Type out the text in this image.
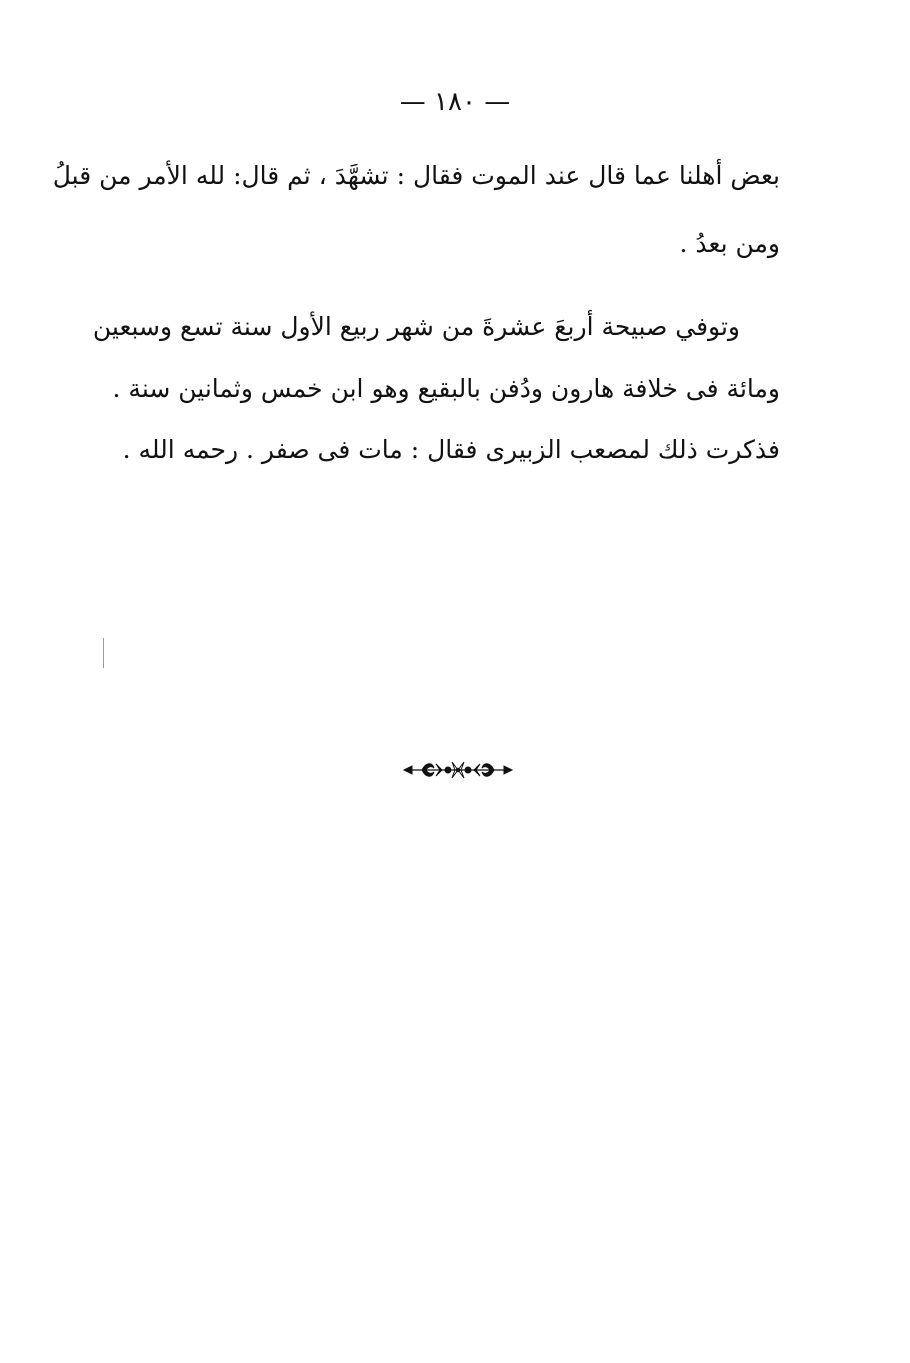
— ١٨٠ —
بعض أهلنا عما قال عند الموت فقال : تشهَّدَ ، ثم قال: لله الأمر من قبلُ
ومن بعدُ .
وتوفي صبيحة أربعَ عشرةَ من شهر ربيع الأول سنة تسع وسبعين
ومائة فى خلافة هارون ودُفن بالبقيع وهو ابن خمس وثمانين سنة .
فذكرت ذلك لمصعب الزبيرى فقال : مات فى صفر . رحمه الله .
